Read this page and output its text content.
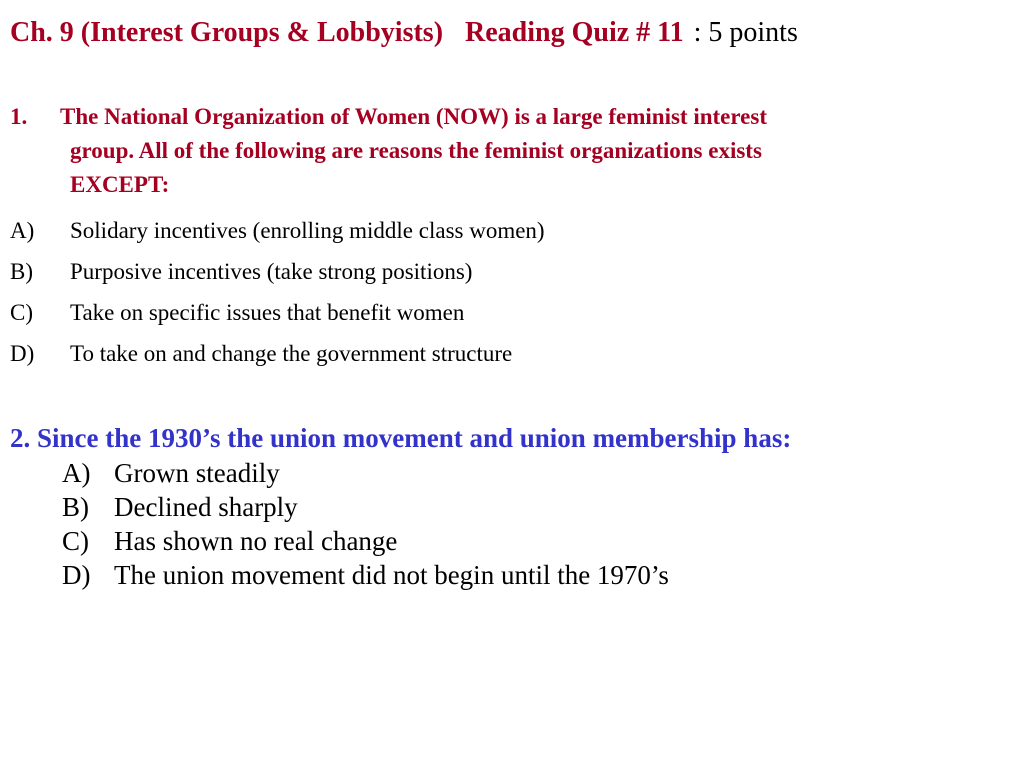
Ch. 9 (Interest Groups & Lobbyists) Reading Quiz # 11 : 5 points
1. The National Organization of Women (NOW) is a large feminist interest
group. All of the following are reasons the feminist organizations exists
EXCEPT:
A) Solidary incentives (enrolling middle class women)
B) Purposive incentives (take strong positions)
C) Take on specific issues that benefit women
D) To take on and change the government structure
2. Since the 1930’s the union movement and union membership has:
A) Grown steadily
B) Declined sharply
C) Has shown no real change
D) The union movement did not begin until the 1970’s
